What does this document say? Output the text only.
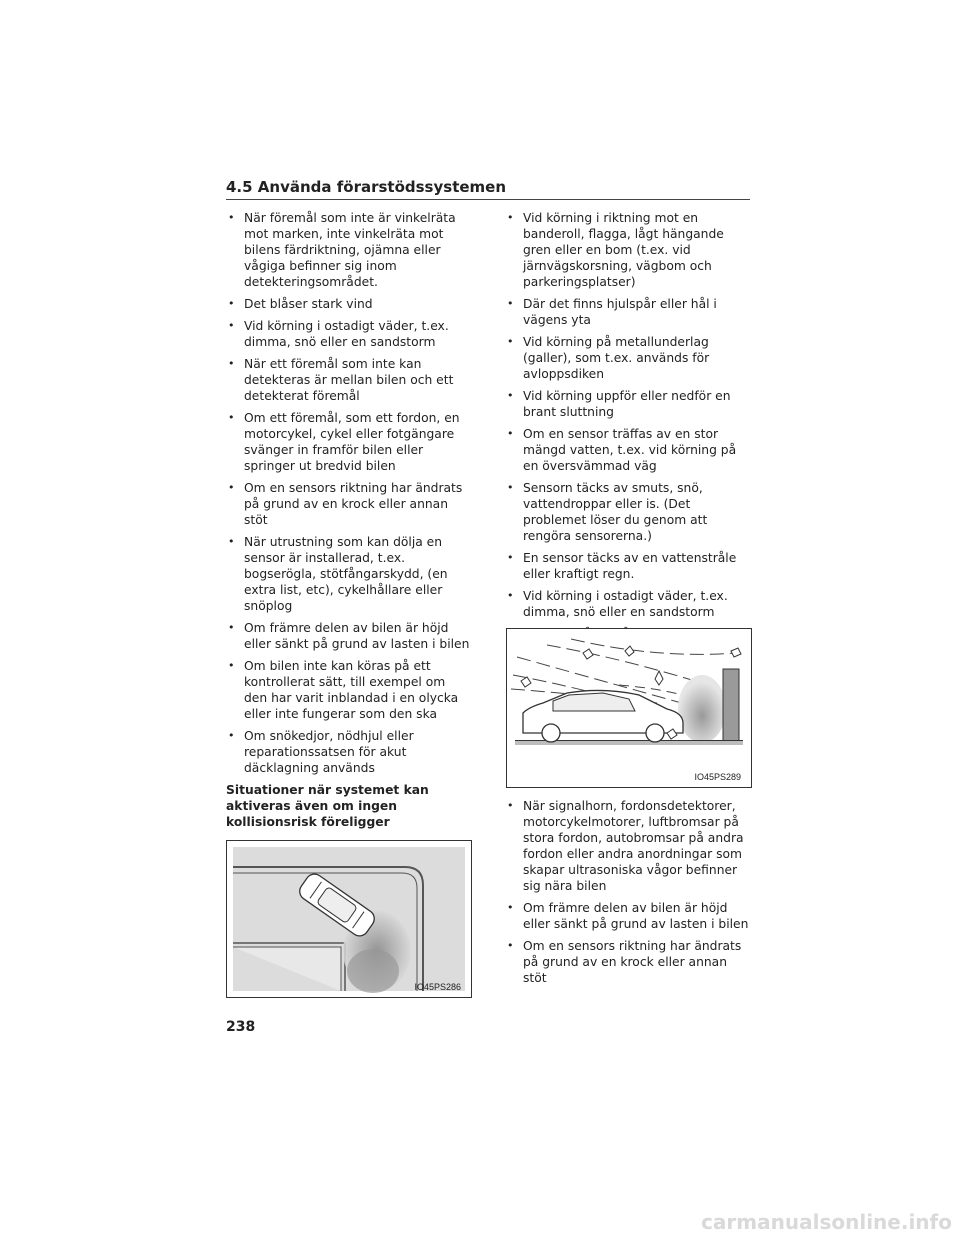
4.5 Använda förarstödssystemen
• När föremål som inte är vinkelräta mot marken, inte vinkelräta mot bilens färdriktning, ojämna eller vågiga befinner sig inom detekteringsområdet.
• Det blåser stark vind
• Vid körning i ostadigt väder, t.ex. dimma, snö eller en sandstorm
• När ett föremål som inte kan detekteras är mellan bilen och ett detekterat föremål
• Om ett föremål, som ett fordon, en motorcykel, cykel eller fotgängare svänger in framför bilen eller springer ut bredvid bilen
• Om en sensors riktning har ändrats på grund av en krock eller annan stöt
• När utrustning som kan dölja en sensor är installerad, t.ex. bogserögla, stötfångarskydd, (en extra list, etc), cykelhållare eller snöplog
• Om främre delen av bilen är höjd eller sänkt på grund av lasten i bilen
• Om bilen inte kan köras på ett kontrollerat sätt, till exempel om den har varit inblandad i en olycka eller inte fungerar som den ska
• Om snökedjor, nödhjul eller reparationssatsen för akut däcklagning används
Situationer när systemet kan aktiveras även om ingen kollisionsrisk föreligger

•
IO45PS286
• Vid körning i riktning mot en banderoll, flagga, lågt hängande gren eller en bom (t.ex. vid järnvägskorsning, vägbom och parkeringsplatser)
• Där det finns hjulspår eller hål i vägens yta
• Vid körning på metallunderlag (galler), som t.ex. används för avloppsdiken
• Vid körning uppför eller nedför en brant sluttning
• Om en sensor träffas av en stor mängd vatten, t.ex. vid körning på en översvämmad väg
• Sensorn täcks av smuts, snö, vattendroppar eller is. (Det problemet löser du genom att rengöra sensorerna.)
• En sensor täcks av en vattenstråle eller kraftigt regn.
• Vid körning i ostadigt väder, t.ex. dimma, snö eller en sandstorm
•
IO45PS289
• När signalhorn, fordonsdetektorer, motorcykelmotorer, luftbromsar på stora fordon, autobromsar på andra fordon eller andra anordningar som skapar ultrasoniska vågor befinner sig nära bilen
• Om främre delen av bilen är höjd eller sänkt på grund av lasten i bilen
• Om en sensors riktning har ändrats på grund av en krock eller annan stöt
238
carmanualsonline.info
